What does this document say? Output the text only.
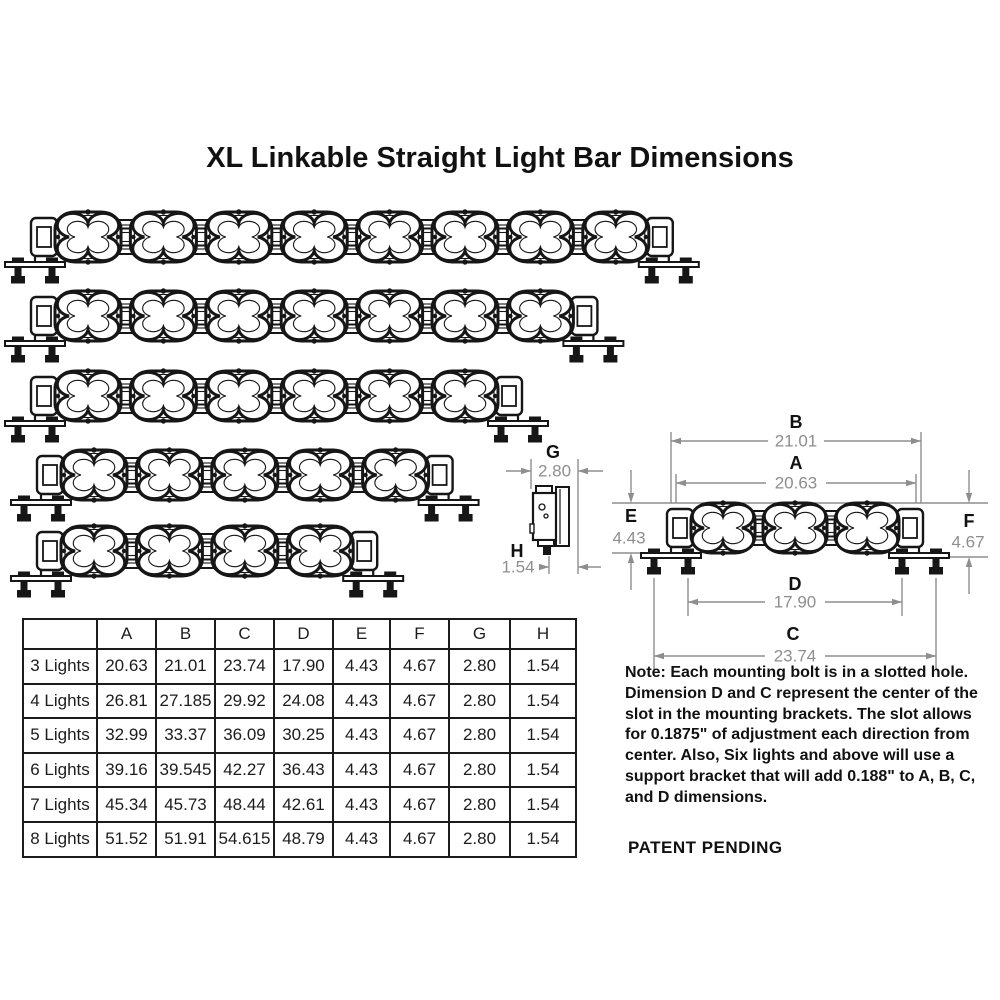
XL Linkable Straight Light Bar Dimensions
2.80
G
1.54
H
21.01
B
20.63
A
E
4.43
F
4.67
17.90
D
23.74
C
	A	B	C	D	E	F	G	H
3 Lights	20.63	21.01	23.74	17.90	4.43	4.67	2.80	1.54
4 Lights	26.81	27.185	29.92	24.08	4.43	4.67	2.80	1.54
5 Lights	32.99	33.37	36.09	30.25	4.43	4.67	2.80	1.54
6 Lights	39.16	39.545	42.27	36.43	4.43	4.67	2.80	1.54
7 Lights	45.34	45.73	48.44	42.61	4.43	4.67	2.80	1.54
8 Lights	51.52	51.91	54.615	48.79	4.43	4.67	2.80	1.54
Note: Each mounting bolt is in a slotted hole. Dimension D and C represent the center of the slot in the mounting brackets. The slot allows for 0.1875" of adjustment each direction from center. Also, Six lights and above will use a support bracket that will add 0.188" to A, B, C, and D dimensions.
PATENT PENDING
